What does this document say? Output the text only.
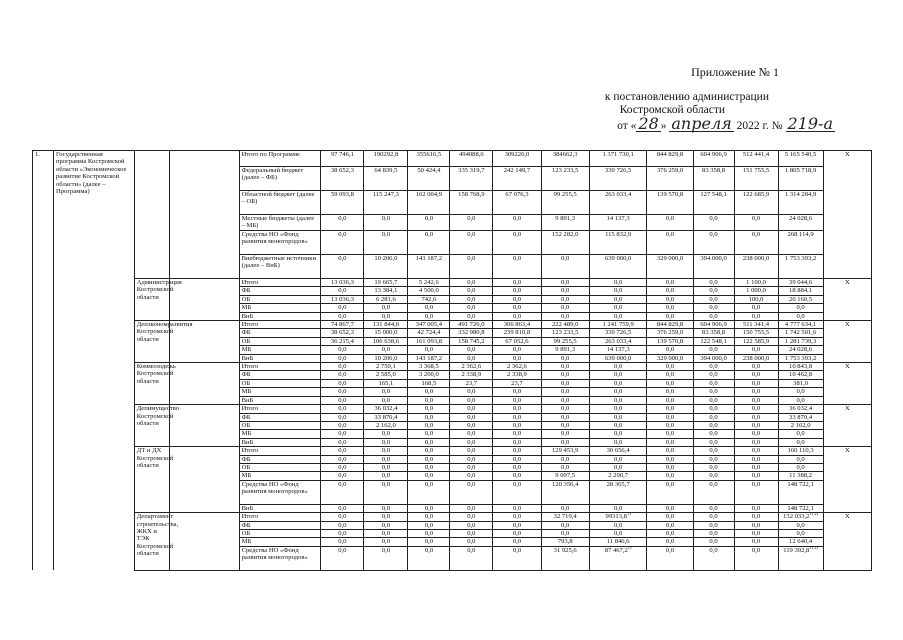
Приложение № 1
к постановлению администрации
Костромской области
от « 28 » апреля 2022 г. № 219-а
1.	Государственная программа Костромской области «Экономическое развитие Костромской области» (далее – Программа)			Итого по Программе	97 746,1	190292,8	355616,5	494088,6	309226,0	384662,3	1 371 730,1	844 829,8	604 906,9	512 441,4	5 165 540,5	X
				Федеральный бюджет (далее – ФБ)	38 652,3	64 839,5	50 424,4	335 319,7	242 149,7	123 233,5	339 726,5	376 259,0	83 358,8	151 755,5	1 805 718,9	
				Областной бюджет (далее – ОБ)	59 093,8	115 247,3	162 004,9	158 768,9	67 076,3	99 255,5	263 033,4	139 570,8	127 548,1	122 685,9	1 314 284,9	
				Местные бюджеты (далее – МБ)	0,0	0,0	0,0	0,0	0,0	9 891,3	14 137,3	0,0	0,0	0,0	24 028,6	
				Средства НО «Фонд развития моногородов»	0,0	0,0	0,0	0,0	0,0	152 282,0	115 832,9	0,0	0,0	0,0	268 114,9	
				Внебюджетные источники (далее – ВнБ)	0,0	10 206,0	143 187,2	0,0	0,0	0,0	639 000,0	329 000,0	394 000,0	238 000,0	1 753 393,2	
		Администрация Костромской области		Итого	13 036,3	19 665,7	5 242,6	0,0	0,0	0,0	0,0	0,0	0,0	1 100,0	39 044,6	X
				ФБ	0,0	13 384,1	4 500,0	0,0	0,0	0,0	0,0	0,0	0,0	1 000,0	18 884,1	
				ОБ	13 036,3	6 281,6	742,6	0,0	0,0	0,0	0,0	0,0	0,0	100,0	20 160,5	
				МБ	0,0	0,0	0,0	0,0	0,0	0,0	0,0	0,0	0,0	0,0	0,0	
				ВнБ	0,0	0,0	0,0	0,0	0,0	0,0	0,0	0,0	0,0	0,0	0,0	
		Депэкономразвития Костромской области		Итого	74 867,7	131 844,6	347 005,4	491 726,0	306 863,4	222 489,0	1 241 759,9	844 829,8	604 906,9	511 341,4	4 777 634,1	X
				ФБ	38 652,3	15 000,0	42 724,4	332 980,8	239 810,8	123 233,5	339 726,5	376 259,0	83 358,8	150 755,5	1 742 501,6	
				ОБ	36 215,4	106 638,6	161 093,8	158 745,2	67 052,6	99 255,5	263 033,4	139 570,8	122 548,1	122 585,9	1 281 739,3	
				МБ	0,0	0,0	0,0	0,0	0,0	9 891,3	14 137,3	0,0	0,0	0,0	24 028,6	
				ВнБ	0,0	10 206,0	143 187,2	0,0	0,0	0,0	639 000,0	329 000,0	394 000,0	238 000,0	1 753 393,2	
		Коммолодежь Костромской области		Итого	0,0	2 750,1	3 368,5	2 362,6	2 362,6	0,0	0,0	0,0	0,0	0,0	10 843,8	X
				ФБ	0,0	2 585,0	3 200,0	2 338,9	2 338,9	0,0	0,0	0,0	0,0	0,0	10 462,8	
				ОБ	0,0	165,1	168,5	23,7	23,7	0,0	0,0	0,0	0,0	0,0	381,0	
				МБ	0,0	0,0	0,0	0,0	0,0	0,0	0,0	0,0	0,0	0,0	0,0	
				ВнБ	0,0	0,0	0,0	0,0	0,0	0,0	0,0	0,0	0,0	0,0	0,0	
		Депимущество Костромской области		Итого	0,0	36 032,4	0,0	0,0	0,0	0,0	0,0	0,0	0,0	0,0	36 032,4	X
				ФБ	0,0	33 870,4	0,0	0,0	0,0	0,0	0,0	0,0	0,0	0,0	33 870,4	
				ОБ	0,0	2 162,0	0,0	0,0	0,0	0,0	0,0	0,0	0,0	0,0	2 162,0	
				МБ	0,0	0,0	0,0	0,0	0,0	0,0	0,0	0,0	0,0	0,0	0,0	
				ВнБ	0,0	0,0	0,0	0,0	0,0	0,0	0,0	0,0	0,0	0,0	0,0	
		ДТ и ДХ Костромской области		Итого	0,0	0,0	0,0	0,0	0,0	129 453,9	30 656,4	0,0	0,0	0,0	160 110,3	X
				ФБ	0,0	0,0	0,0	0,0	0,0	0,0	0,0	0,0	0,0	0,0	0,0	
				ОБ	0,0	0,0	0,0	0,0	0,0	0,0	0,0	0,0	0,0	0,0	0,0	
				МБ	0,0	0,0	0,0	0,0	0,0	9 097,5	2 290,7	0,0	0,0	0,0	11 388,2	
				Средства НО «Фонд развития моногородов»	0,0	0,0	0,0	0,0	0,0	120 356,4	28 365,7	0,0	0,0	0,0	148 722,1	
				ВнБ	0,0	0,0	0,0	0,0	0,0	0,0	0,0	0,0	0,0	0,0	148 722,1	
		Департамент строительства, ЖКХ и ТЭК Костромской области		Итого	0,0	0,0	0,0	0,0	0,0	32 719,4	99313,8$^{1)}$	0,0	0,0	0,0	132 $033,2^{1) 2)}$	X
				ФБ	0,0	0,0	0,0	0,0	0,0	0,0	0,0	0,0	0,0	0,0	0,0	
				ОБ	0,0	0,0	0,0	0,0	0,0	0,0	0,0	0,0	0,0	0,0	0,0	
				МБ	0,0	0,0	0,0	0,0	0,0	793,8	11 846,6	0,0	0,0	0,0	12 640,4	
				Средства НО «Фонд развития моногородов»	0,0	0,0	0,0	0,0	0,0	31 925,6	87 467,2$^{1)}$	0,0	0,0	0,0	119 $392,8^{1) 2)}$
